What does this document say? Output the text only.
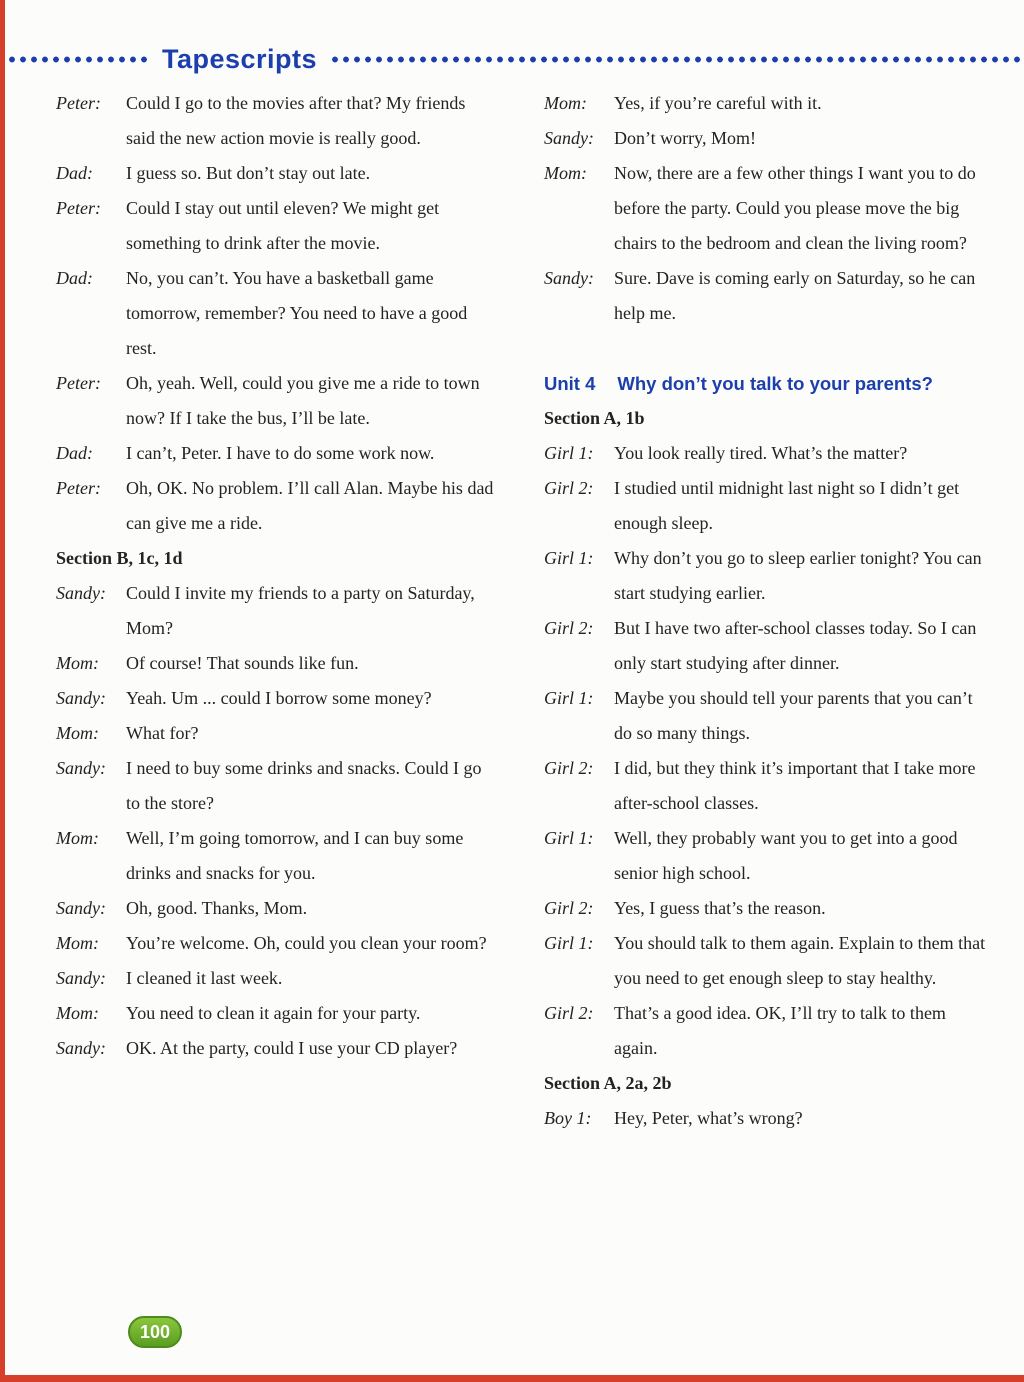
Tapescripts
Peter:	Could I go to the movies after that? My friends said the new action movie is really good.
Dad:	I guess so. But don’t stay out late.
Peter:	Could I stay out until eleven? We might get something to drink after the movie.
Dad:	No, you can’t. You have a basketball game tomorrow, remember? You need to have a good rest.
Peter:	Oh, yeah. Well, could you give me a ride to town now? If I take the bus, I’ll be late.
Dad:	I can’t, Peter. I have to do some work now.
Peter:	Oh, OK. No problem. I’ll call Alan. Maybe his dad can give me a ride.
Section B, 1c, 1d
Sandy:	Could I invite my friends to a party on Saturday, Mom?
Mom:	Of course! That sounds like fun.
Sandy:	Yeah. Um ... could I borrow some money?
Mom:	What for?
Sandy:	I need to buy some drinks and snacks. Could I go to the store?
Mom:	Well, I’m going tomorrow, and I can buy some drinks and snacks for you.
Sandy:	Oh, good. Thanks, Mom.
Mom:	You’re welcome. Oh, could you clean your room?
Sandy:	I cleaned it last week.
Mom:	You need to clean it again for your party.
Sandy:	OK. At the party, could I use your CD player?
Mom:	Yes, if you’re careful with it.
Sandy:	Don’t worry, Mom!
Mom:	Now, there are a few other things I want you to do before the party. Could you please move the big chairs to the bedroom and clean the living room?
Sandy:	Sure. Dave is coming early on Saturday, so he can help me.
Unit 4 Why don’t you talk to your parents?
Section A, 1b
Girl 1:	You look really tired. What’s the matter?
Girl 2:	I studied until midnight last night so I didn’t get enough sleep.
Girl 1:	Why don’t you go to sleep earlier tonight? You can start studying earlier.
Girl 2:	But I have two after-school classes today. So I can only start studying after dinner.
Girl 1:	Maybe you should tell your parents that you can’t do so many things.
Girl 2:	I did, but they think it’s important that I take more after-school classes.
Girl 1:	Well, they probably want you to get into a good senior high school.
Girl 2:	Yes, I guess that’s the reason.
Girl 1:	You should talk to them again. Explain to them that you need to get enough sleep to stay healthy.
Girl 2:	That’s a good idea. OK, I’ll try to talk to them again.
Section A, 2a, 2b
Boy 1:	Hey, Peter, what’s wrong?
100
